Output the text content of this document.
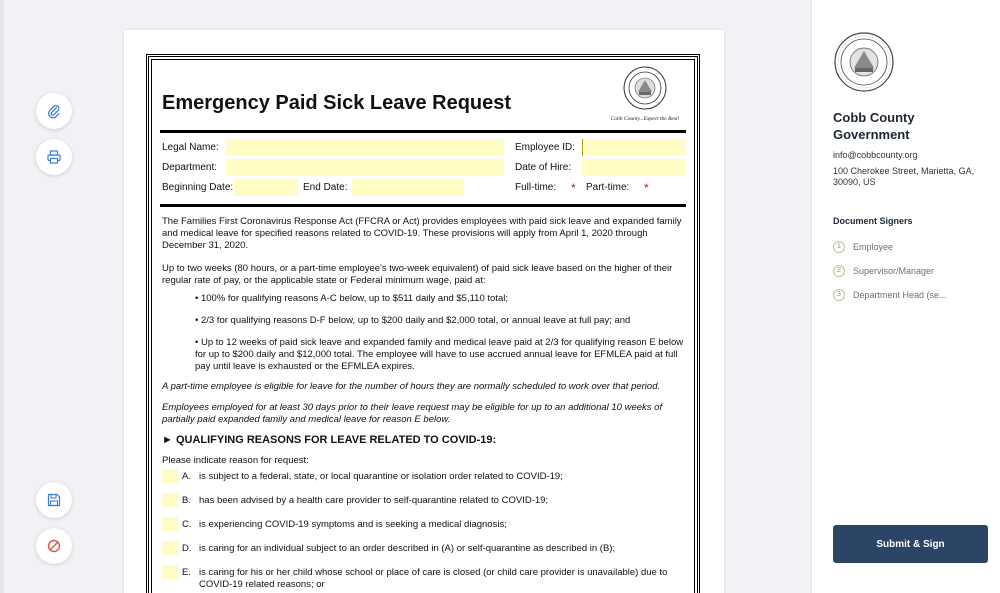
Emergency Paid Sick Leave Request
Cobb County...Expect the Best!
Legal Name:	Employee ID:
Department:	Date of Hire:
Beginning Date:	End Date:	Full-time: * Part-time: *
The Families First Coronavirus Response Act (FFCRA or Act) provides employees with paid sick leave and expanded family and medical leave for specified reasons related to COVID-19. These provisions will apply from April 1, 2020 through December 31, 2020.
Up to two weeks (80 hours, or a part-time employee's two-week equivalent) of paid sick leave based on the higher of their regular rate of pay, or the applicable state or Federal minimum wage, paid at:
• 100% for qualifying reasons A-C below, up to $511 daily and $5,110 total;
• 2/3 for qualifying reasons D-F below, up to $200 daily and $2,000 total, or annual leave at full pay; and
• Up to 12 weeks of paid sick leave and expanded family and medical leave paid at 2/3 for qualifying reason E below for up to $200 daily and $12,000 total. The employee will have to use accrued annual leave for EFMLEA paid at full pay until leave is exhausted or the EFMLEA expires.
A part-time employee is eligible for leave for the number of hours they are normally scheduled to work over that period.
Employees employed for at least 30 days prior to their leave request may be eligible for up to an additional 10 weeks of partially paid expanded family and medical leave for reason E below.
► QUALIFYING REASONS FOR LEAVE RELATED TO COVID-19:
Please indicate reason for request:
A. is subject to a federal, state, or local quarantine or isolation order related to COVID-19;
B. has been advised by a health care provider to self-quarantine related to COVID-19;
C. is experiencing COVID-19 symptoms and is seeking a medical diagnosis;
D. is caring for an individual subject to an order described in (A) or self-quarantine as described in (B);
E. is caring for his or her child whose school or place of care is closed (or child care provider is unavailable) due to COVID-19 related reasons; or
Cobb County Government
info@cobbcounty.org
100 Cherokee Street, Marietta, GA, 30090, US
Document Signers
1	Employee
2	Supervisor/Manager
3	Department Head (se...
Submit & Sign
